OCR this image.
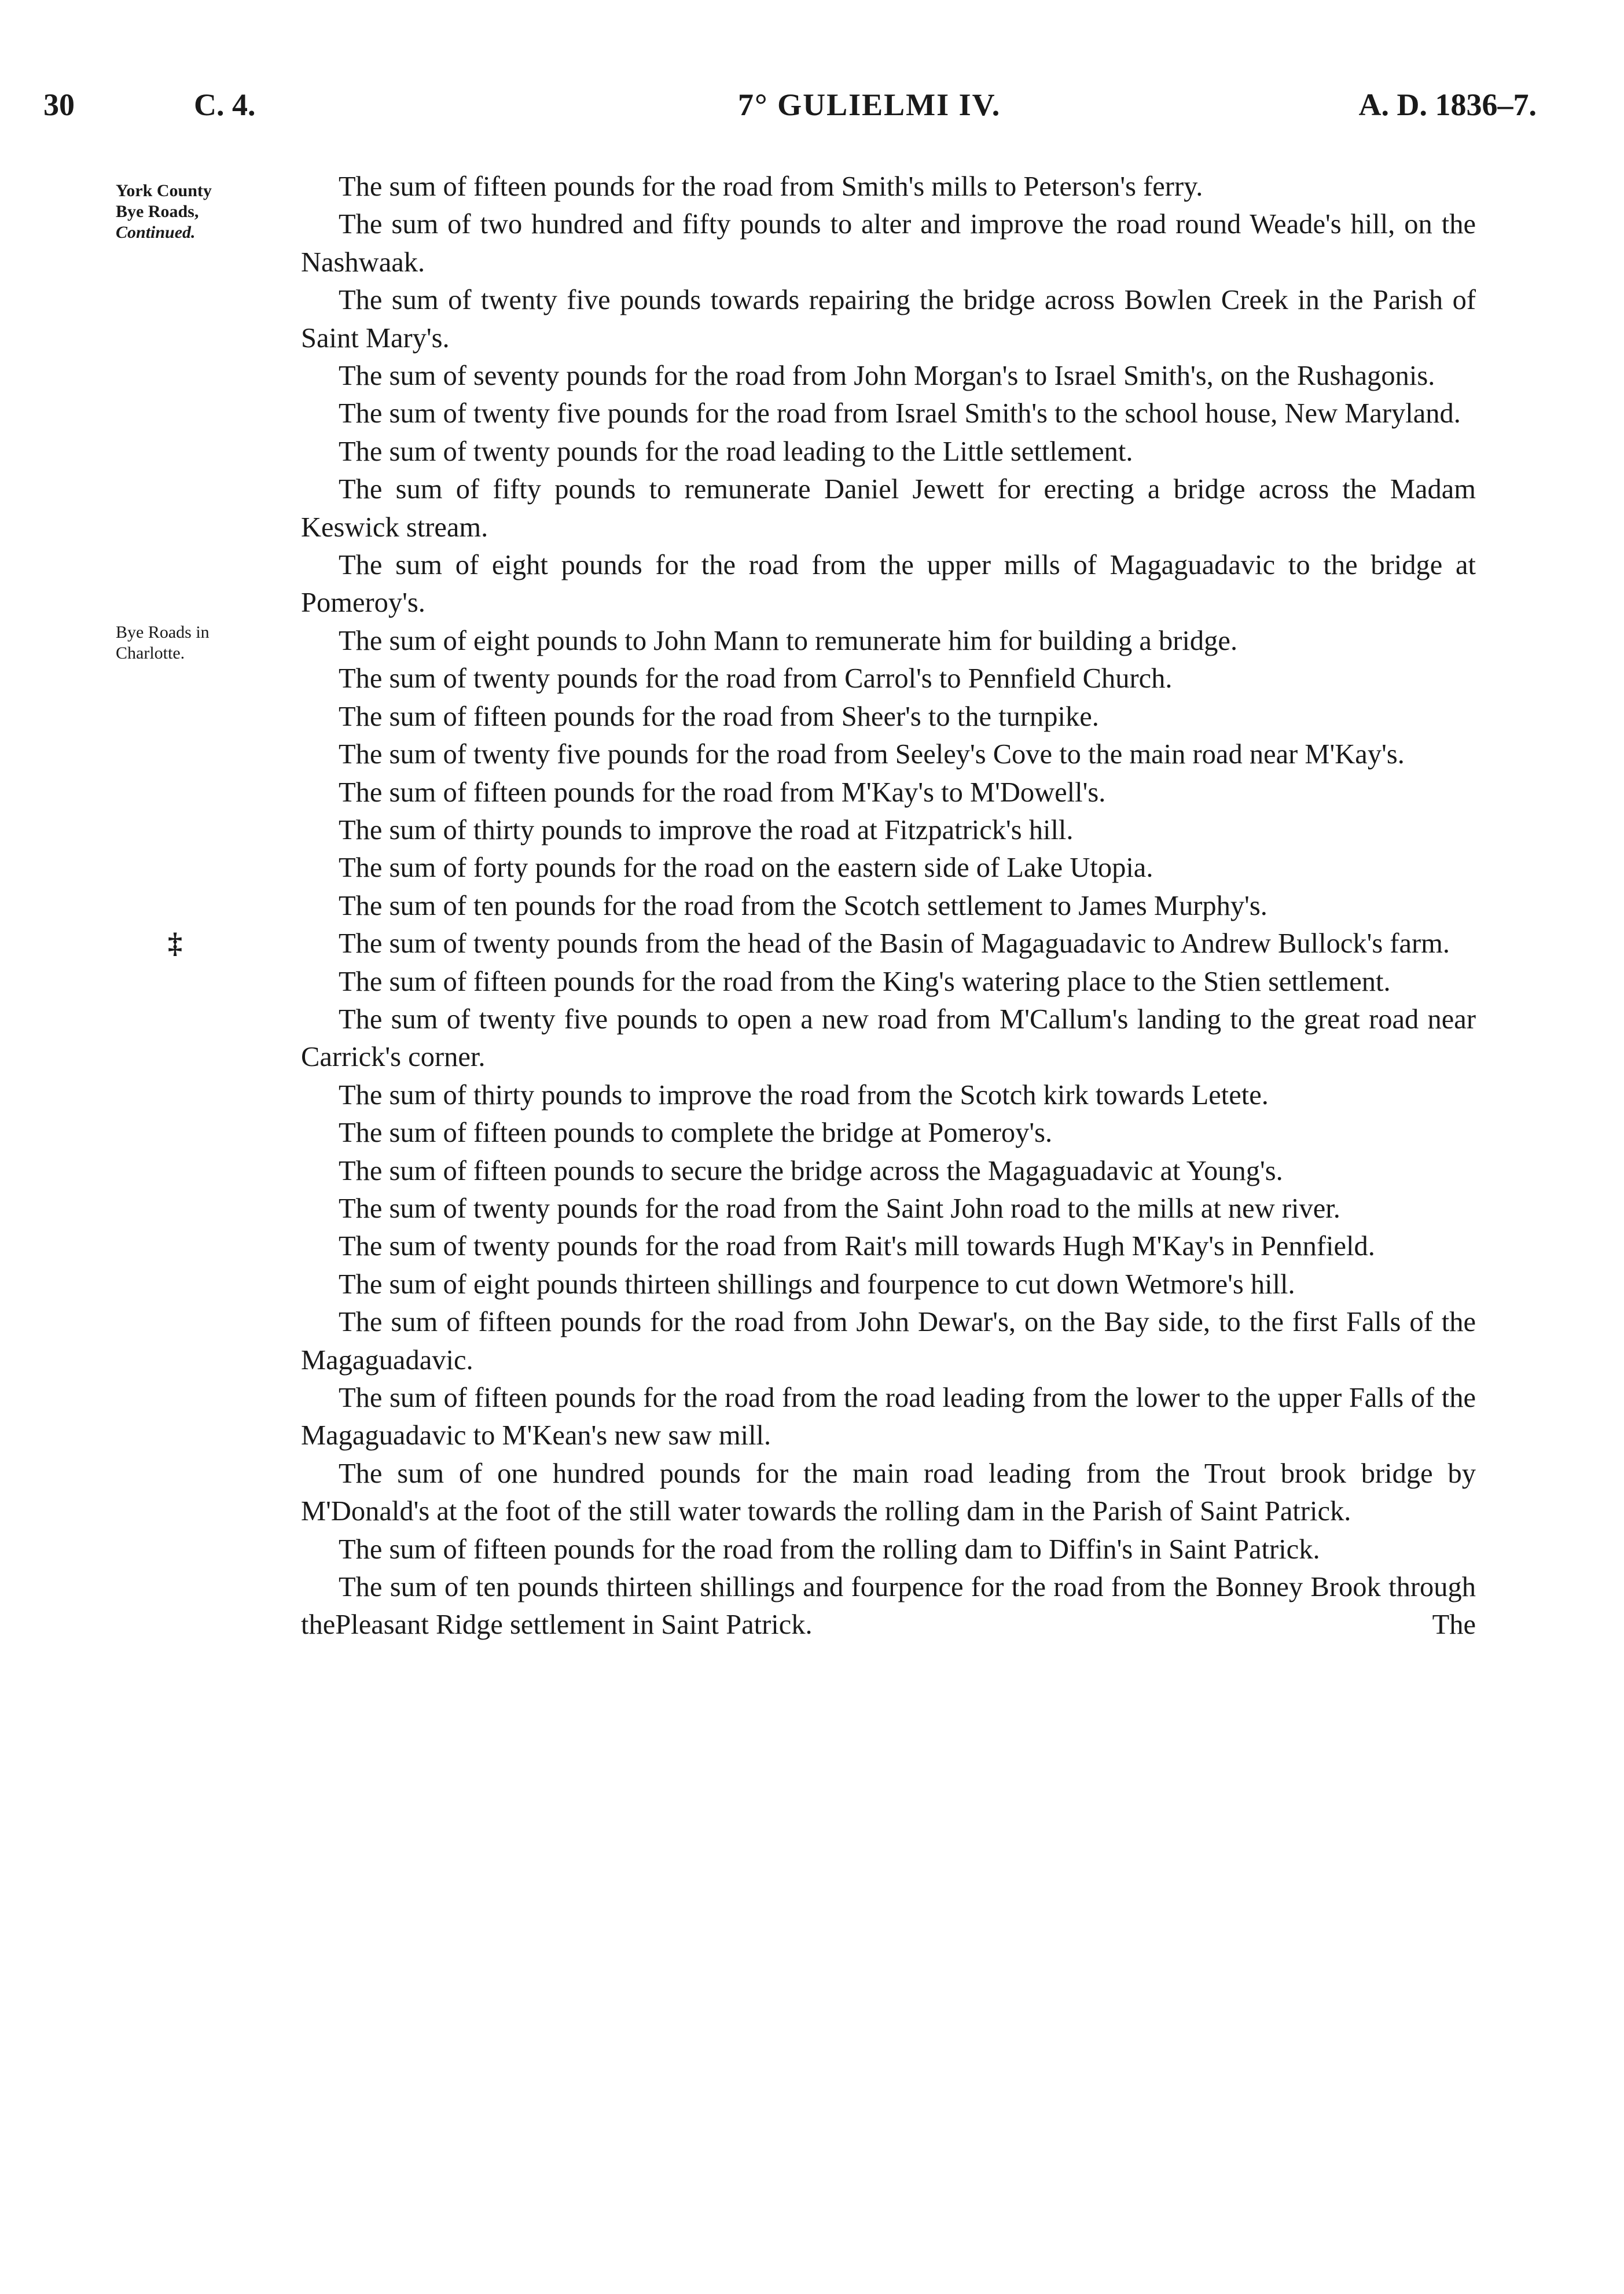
30	C. 4.	7° GULIELMI IV.	A. D. 1836–7.
York County
Bye Roads,
Continued.
Bye Roads in
Charlotte.
‡

The sum of fifteen pounds for the road from Smith's mills to Peterson's ferry.

The sum of two hundred and fifty pounds to alter and improve the road round Weade's hill, on the Nashwaak.

The sum of twenty five pounds towards repairing the bridge across Bowlen Creek in the Parish of Saint Mary's.

The sum of seventy pounds for the road from John Morgan's to Israel Smith's, on the Rushagonis.

The sum of twenty five pounds for the road from Israel Smith's to the school house, New Maryland.

The sum of twenty pounds for the road leading to the Little settlement.

The sum of fifty pounds to remunerate Daniel Jewett for erecting a bridge across the Madam Keswick stream.

The sum of eight pounds for the road from the upper mills of Magaguadavic to the bridge at Pomeroy's.

The sum of eight pounds to John Mann to remunerate him for building a bridge.

The sum of twenty pounds for the road from Carrol's to Pennfield Church.

The sum of fifteen pounds for the road from Sheer's to the turnpike.

The sum of twenty five pounds for the road from Seeley's Cove to the main road near M'Kay's.

The sum of fifteen pounds for the road from M'Kay's to M'Dowell's.

The sum of thirty pounds to improve the road at Fitzpatrick's hill.

The sum of forty pounds for the road on the eastern side of Lake Utopia.

The sum of ten pounds for the road from the Scotch settlement to James Murphy's.

The sum of twenty pounds from the head of the Basin of Magaguadavic to Andrew Bullock's farm.

The sum of fifteen pounds for the road from the King's watering place to the Stien settlement.

The sum of twenty five pounds to open a new road from M'Callum's landing to the great road near Carrick's corner.

The sum of thirty pounds to improve the road from the Scotch kirk towards Letete.

The sum of fifteen pounds to complete the bridge at Pomeroy's.

The sum of fifteen pounds to secure the bridge across the Magaguadavic at Young's.

The sum of twenty pounds for the road from the Saint John road to the mills at new river.

The sum of twenty pounds for the road from Rait's mill towards Hugh M'Kay's in Pennfield.

The sum of eight pounds thirteen shillings and fourpence to cut down Wetmore's hill.

The sum of fifteen pounds for the road from John Dewar's, on the Bay side, to the first Falls of the Magaguadavic.

The sum of fifteen pounds for the road from the road leading from the lower to the upper Falls of the Magaguadavic to M'Kean's new saw mill.

The sum of one hundred pounds for the main road leading from the Trout brook bridge by M'Donald's at the foot of the still water towards the rolling dam in the Parish of Saint Patrick.

The sum of fifteen pounds for the road from the rolling dam to Diffin's in Saint Patrick.

The sum of ten pounds thirteen shillings and fourpence for the road from the Bonney Brook through thePleasant Ridge settlement in Saint Patrick.	The
